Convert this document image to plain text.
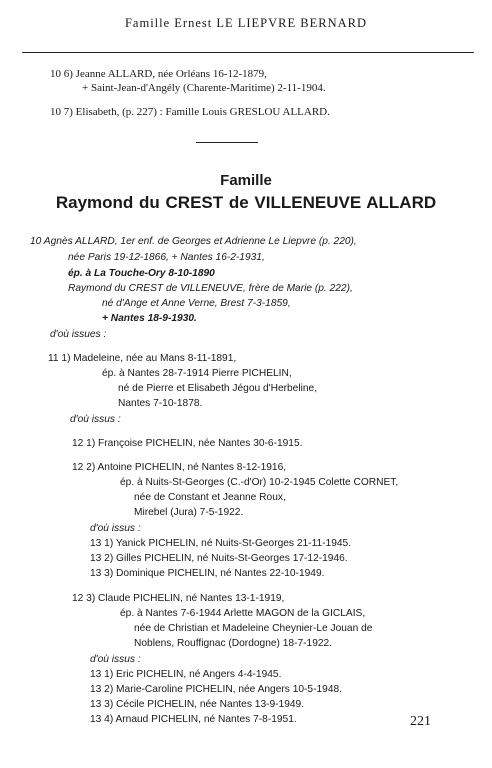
Famille Ernest LE LIEPVRE BERNARD
10 6) Jeanne ALLARD, née Orléans 16-12-1879,
+ Saint-Jean-d'Angély (Charente-Maritime) 2-11-1904.
10 7) Elisabeth, (p. 227) : Famille Louis GRESLOU ALLARD.
Famille
Raymond du CREST de VILLENEUVE ALLARD
10 Agnès ALLARD, 1er enf. de Georges et Adrienne Le Liepvre (p. 220),
née Paris 19-12-1866, + Nantes 16-2-1931,
ép. à La Touche-Ory 8-10-1890
Raymond du CREST de VILLENEUVE, frère de Marie (p. 222),
né d'Ange et Anne Verne, Brest 7-3-1859,
+ Nantes 18-9-1930.
d'où issues :
11 1) Madeleine, née au Mans 8-11-1891,
ép. à Nantes 28-7-1914 Pierre PICHELIN,
né de Pierre et Elisabeth Jégou d'Herbeline,
Nantes 7-10-1878.
d'où issus :
12 1) Françoise PICHELIN, née Nantes 30-6-1915.
12 2) Antoine PICHELIN, né Nantes 8-12-1916,
ép. à Nuits-St-Georges (C.-d'Or) 10-2-1945 Colette CORNET,
née de Constant et Jeanne Roux,
Mirebel (Jura) 7-5-1922.
d'où issus :
13 1) Yanick PICHELIN, né Nuits-St-Georges 21-11-1945.
13 2) Gilles PICHELIN, né Nuits-St-Georges 17-12-1946.
13 3) Dominique PICHELIN, né Nantes 22-10-1949.
12 3) Claude PICHELIN, né Nantes 13-1-1919,
ép. à Nantes 7-6-1944 Arlette MAGON de la GICLAIS,
née de Christian et Madeleine Cheynier-Le Jouan de
Noblens, Rouffignac (Dordogne) 18-7-1922.
d'où issus :
13 1) Eric PICHELIN, né Angers 4-4-1945.
13 2) Marie-Caroline PICHELIN, née Angers 10-5-1948.
13 3) Cécile PICHELIN, née Nantes 13-9-1949.
13 4) Arnaud PICHELIN, né Nantes 7-8-1951.	221
